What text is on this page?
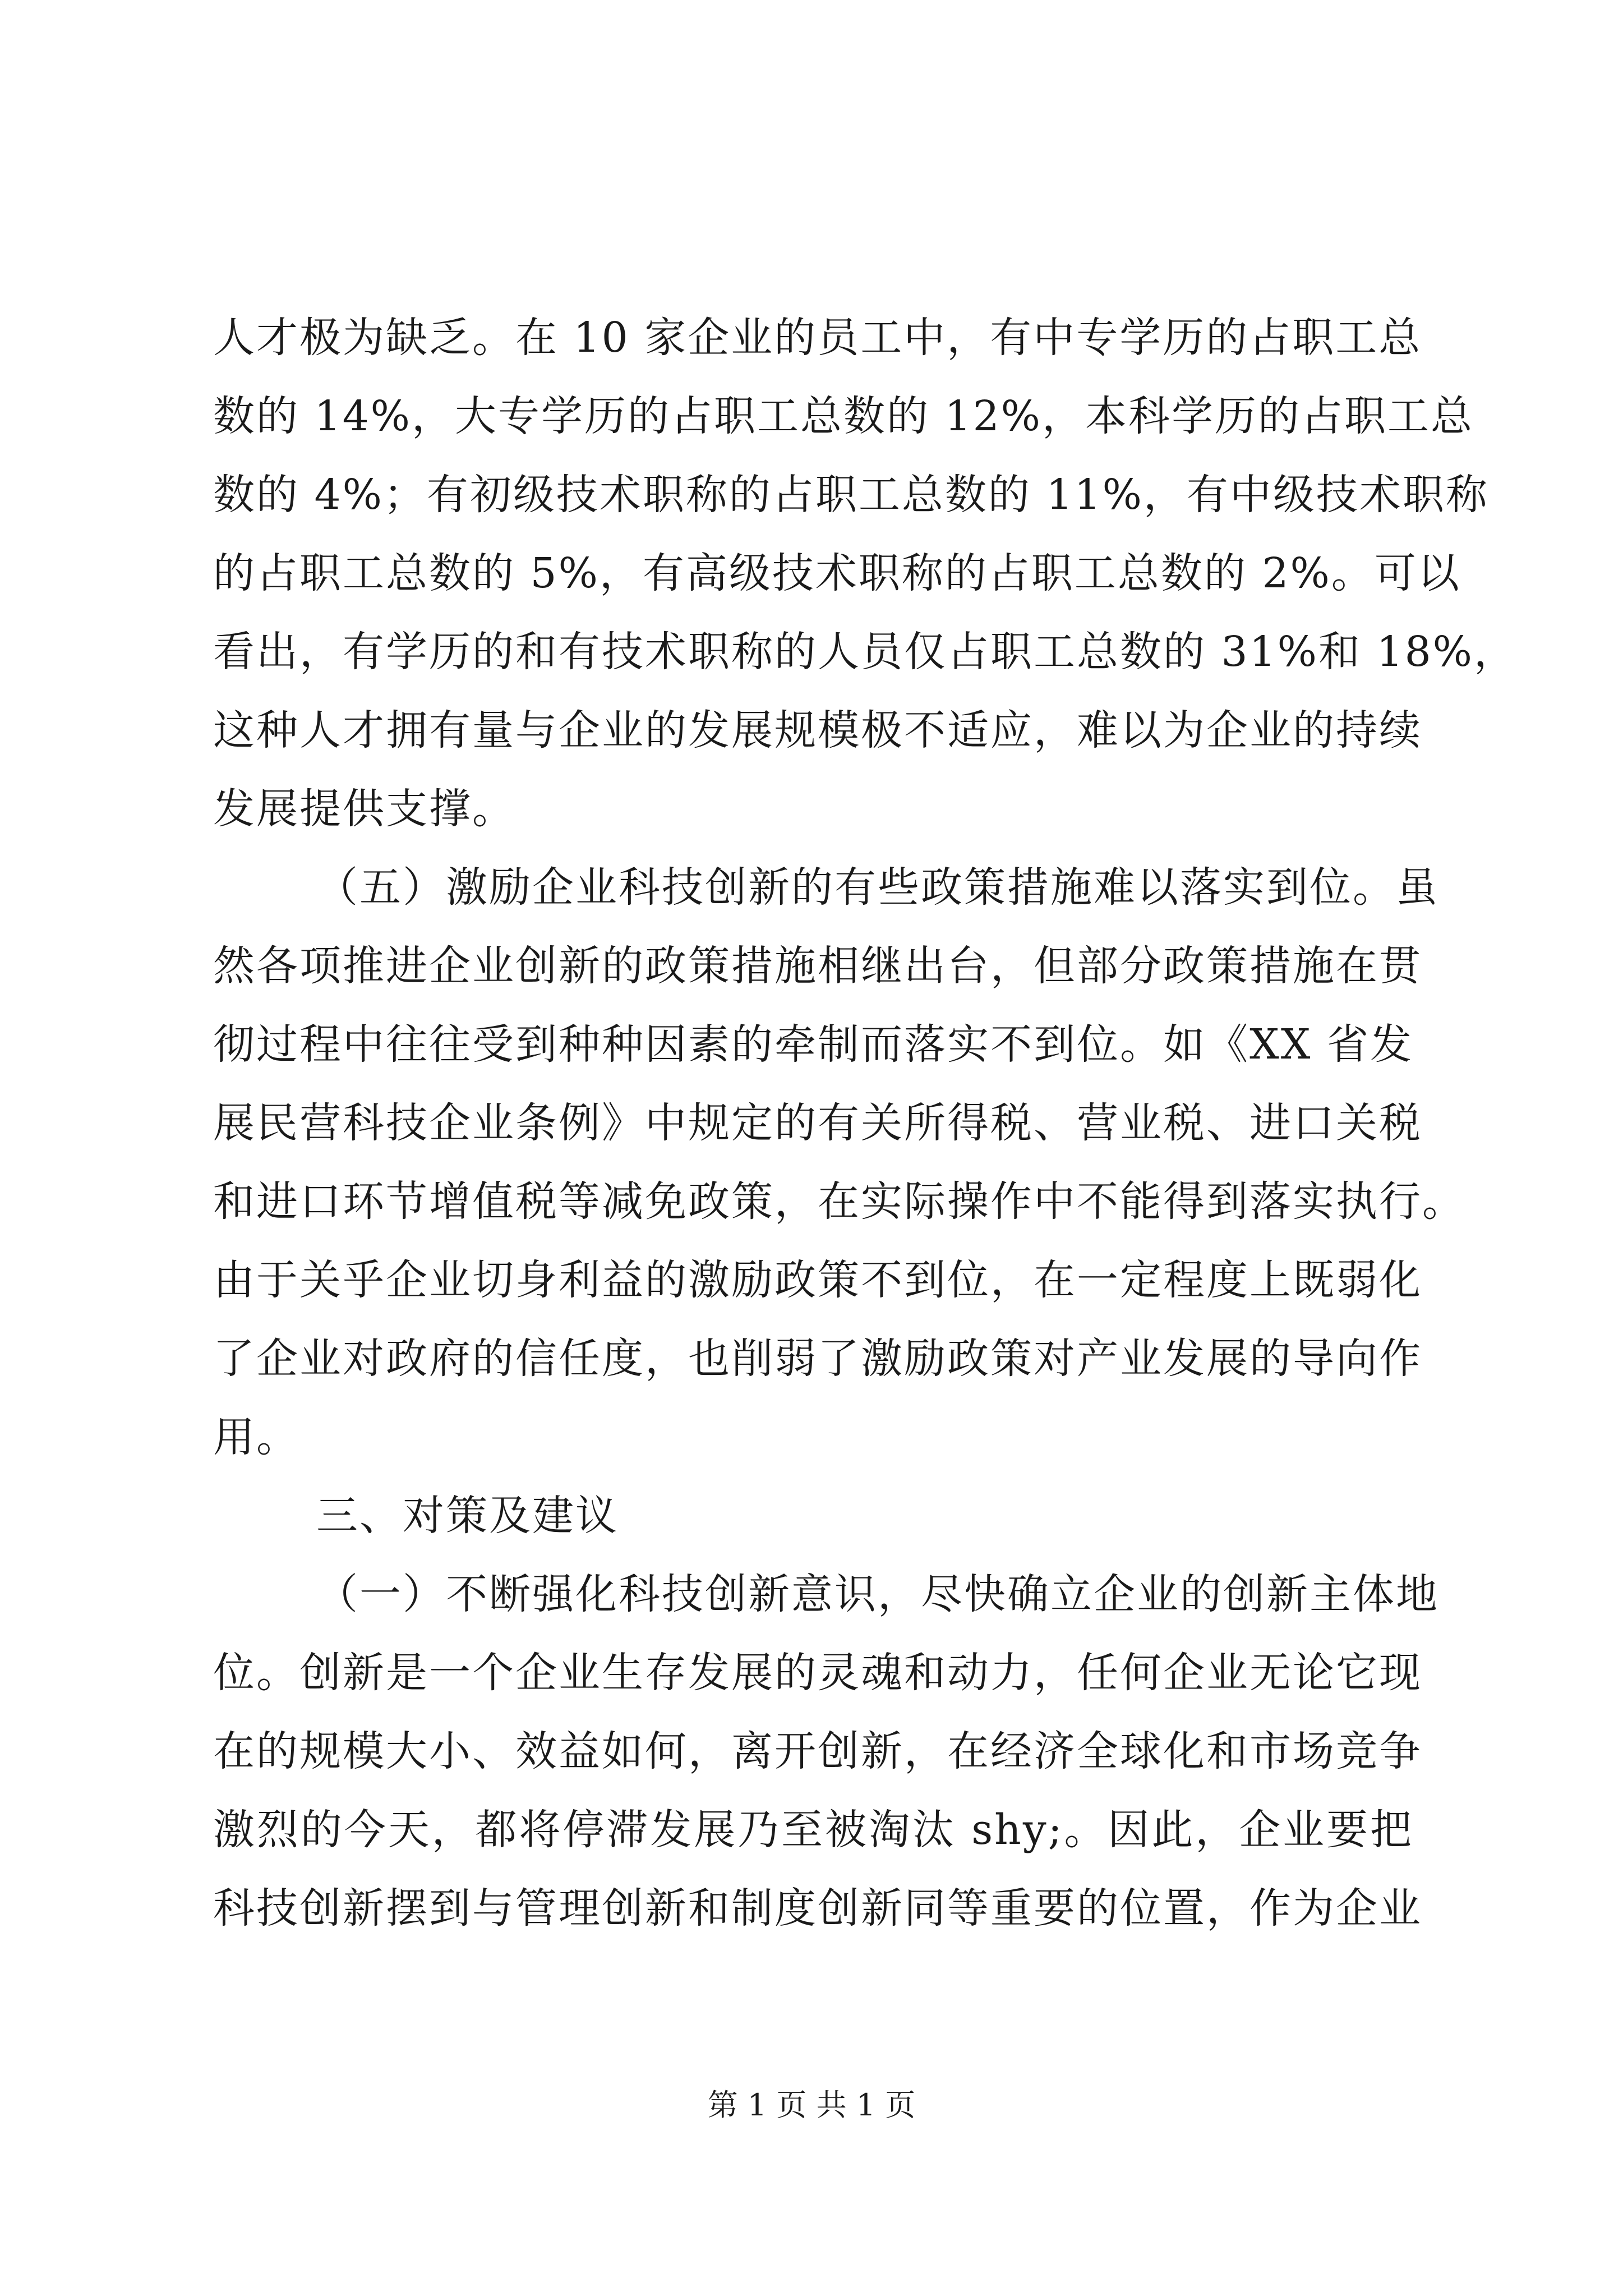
人才极为缺乏。在 10 家企业的员工中，有中专学历的占职工总

数的 14%，大专学历的占职工总数的 12%，本科学历的占职工总

数的 4%；有初级技术职称的占职工总数的 11%，有中级技术职称

的占职工总数的 5%，有高级技术职称的占职工总数的 2%。可以

看出，有学历的和有技术职称的人员仅占职工总数的 31%和 18%，

这种人才拥有量与企业的发展规模极不适应，难以为企业的持续

发展提供支撑。

（五）激励企业科技创新的有些政策措施难以落实到位。虽

然各项推进企业创新的政策措施相继出台，但部分政策措施在贯

彻过程中往往受到种种因素的牵制而落实不到位。如《XX 省发

展民营科技企业条例》中规定的有关所得税、营业税、进口关税

和进口环节增值税等减免政策，在实际操作中不能得到落实执行。

由于关乎企业切身利益的激励政策不到位，在一定程度上既弱化

了企业对政府的信任度，也削弱了激励政策对产业发展的导向作

用。

三、对策及建议

（一）不断强化科技创新意识，尽快确立企业的创新主体地

位。创新是一个企业生存发展的灵魂和动力，任何企业无论它现

在的规模大小、效益如何，离开创新，在经济全球化和市场竞争

激烈的今天，都将停滞发展乃至被淘汰 shy;。因此，企业要把

科技创新摆到与管理创新和制度创新同等重要的位置，作为企业

第 1 页 共 1 页
